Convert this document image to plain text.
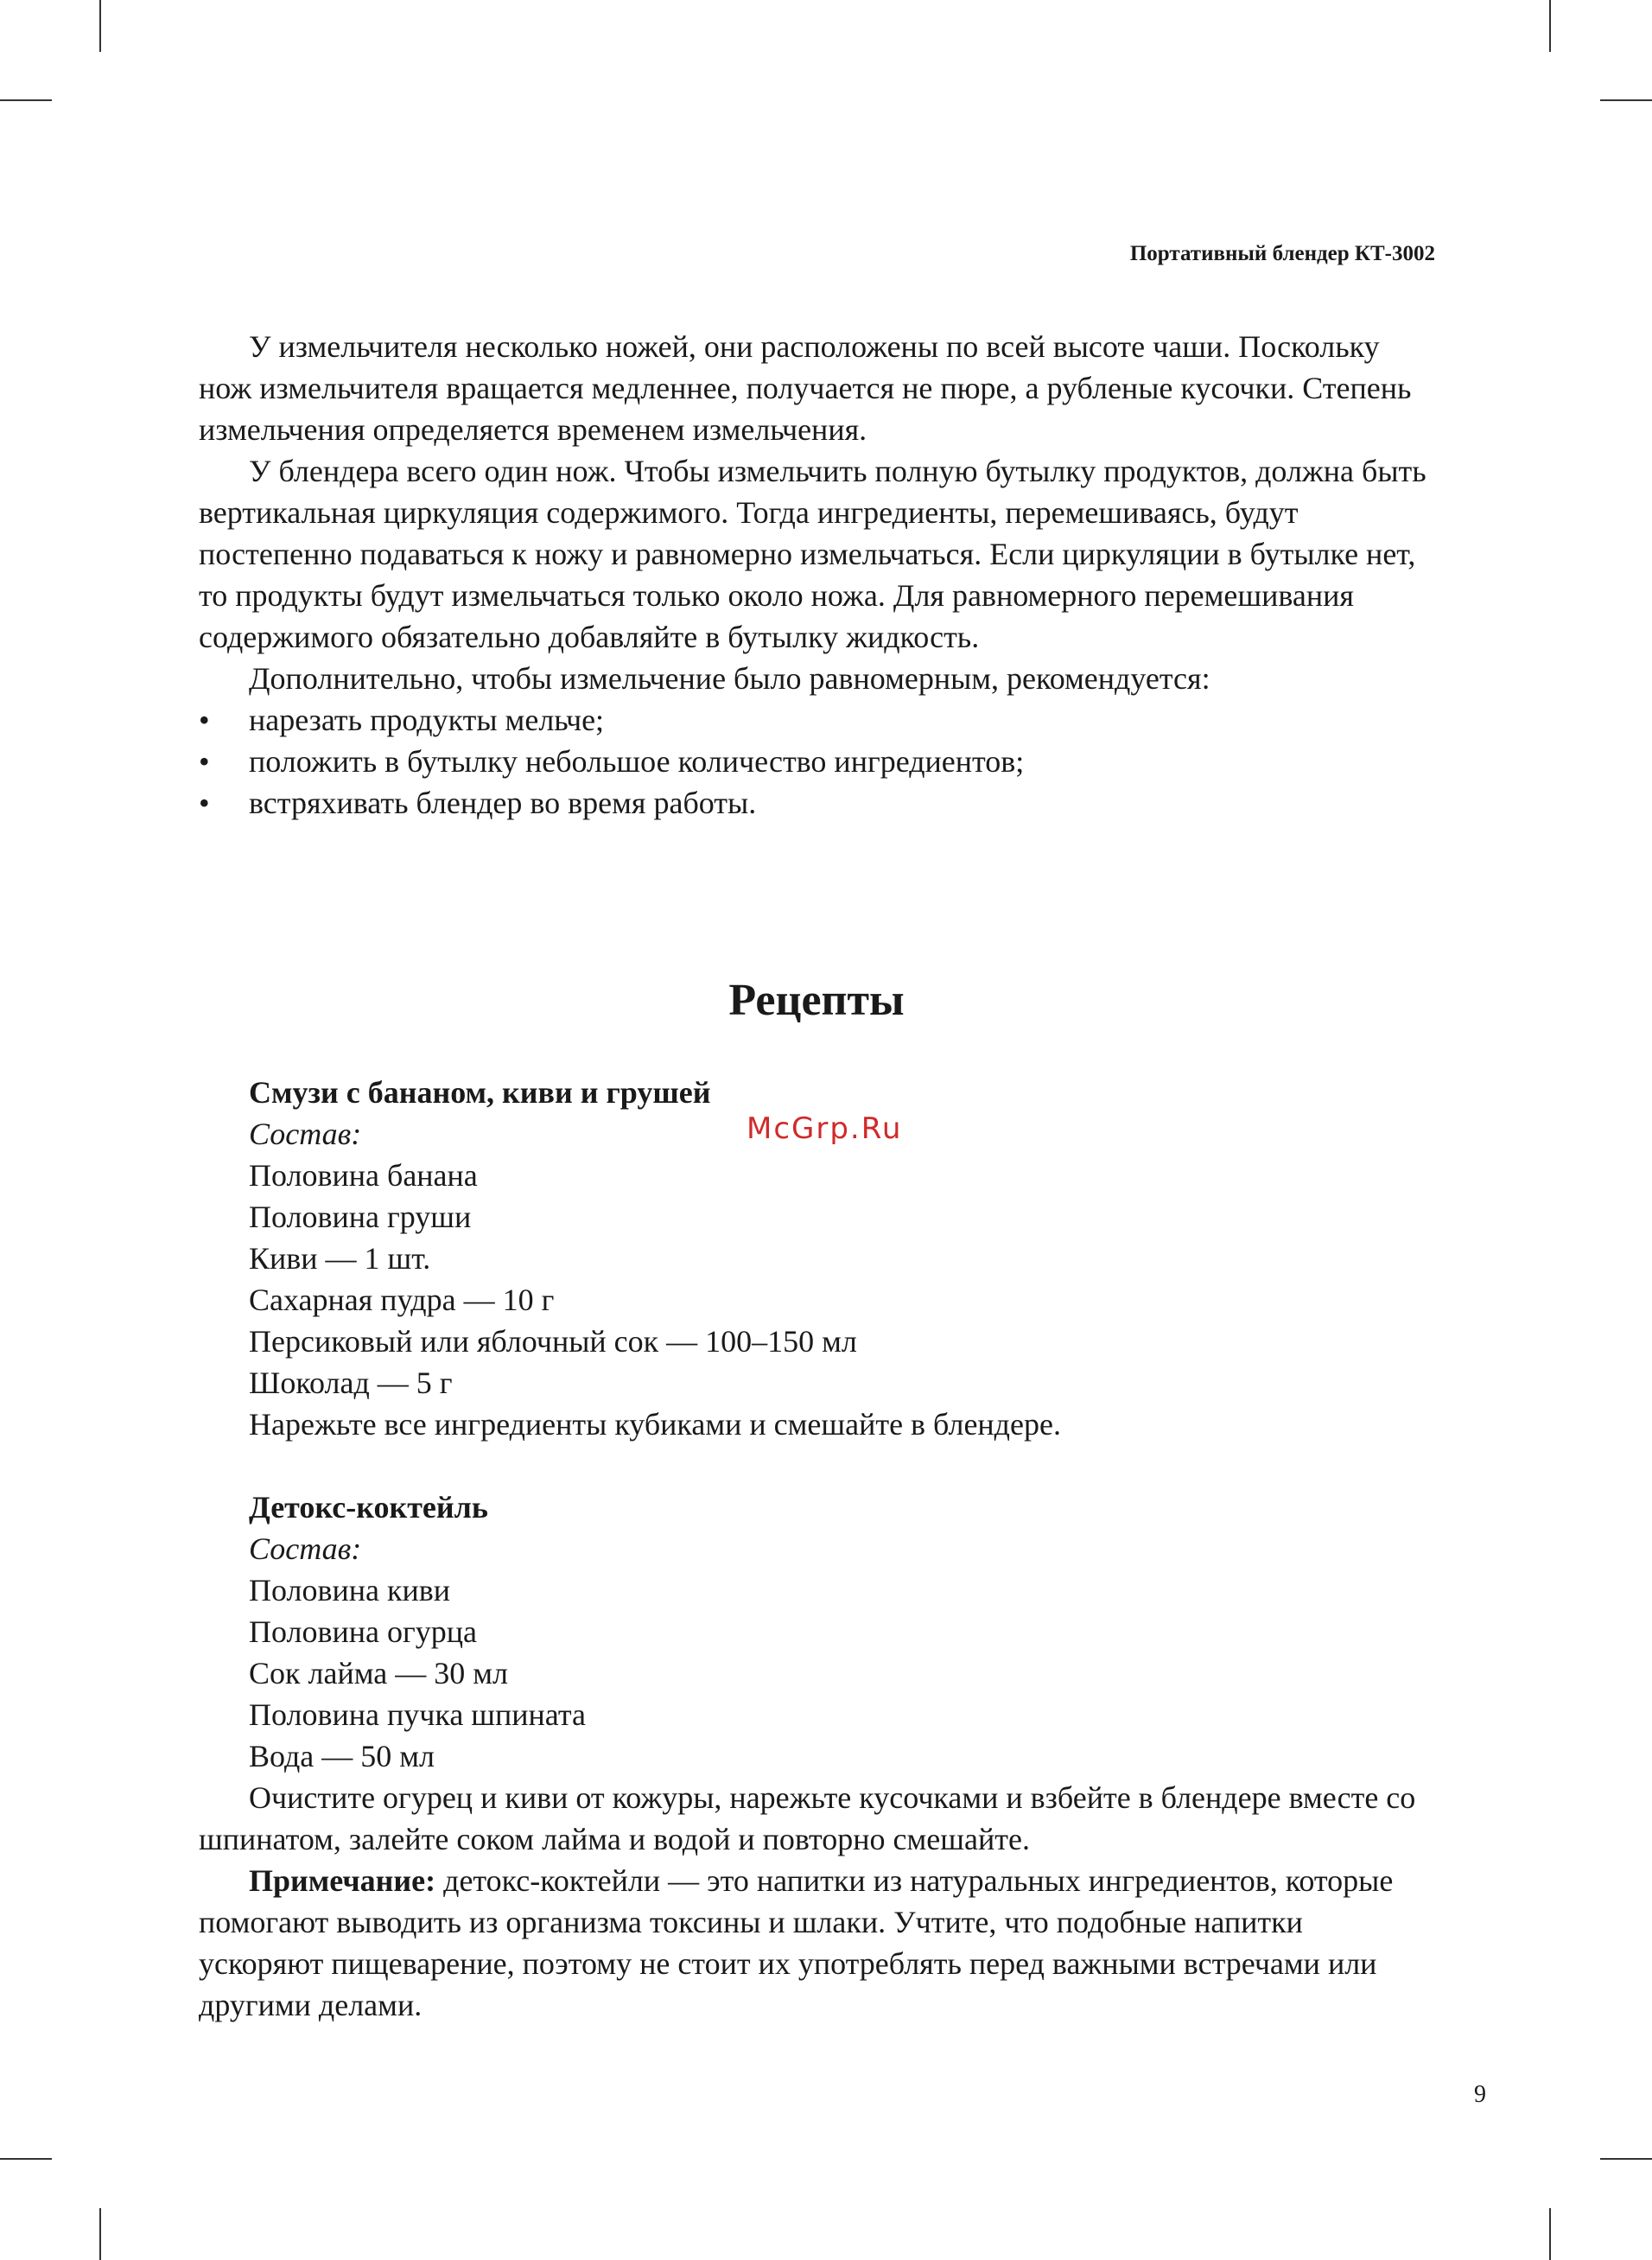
Портативный блендер КТ-3002

У измельчителя несколько ножей, они расположены по всей высоте чаши. Поскольку нож измельчителя вращается медленнее, получается не пюре, а рубленые кусочки. Степень измельчения определяется временем измельчения.

У блендера всего один нож. Чтобы измельчить полную бутылку продуктов, должна быть вертикальная циркуляция содержимого. Тогда ингредиенты, перемешиваясь, будут постепенно подаваться к ножу и равномерно измельчаться. Если циркуляции в бутылке нет, то продукты будут измельчаться только около ножа. Для равномерного перемешивания содержимого обязательно добавляйте в бутылку жидкость.

Дополнительно, чтобы измельчение было равномерным, рекомендуется:

• нарезать продукты мельче;
• положить в бутылку небольшое количество ингредиентов;
• встряхивать блендер во время работы.
Рецепты
Смузи с бананом, киви и грушей
Состав:
Половина банана
Половина груши
Киви — 1 шт.
Сахарная пудра — 10 г
Персиковый или яблочный сок — 100–150 мл
Шоколад — 5 г
Нарежьте все ингредиенты кубиками и смешайте в блендере.
McGrp.Ru
Детокс-коктейль
Состав:
Половина киви
Половина огурца
Сок лайма — 30 мл
Половина пучка шпината
Вода — 50 мл

Очистите огурец и киви от кожуры, нарежьте кусочками и взбейте в блендере вместе со шпинатом, залейте соком лайма и водой и повторно смешайте.

Примечание: детокс-коктейли — это напитки из натуральных ингредиентов, которые помогают выводить из организма токсины и шлаки. Учтите, что подобные напитки ускоряют пищеварение, поэтому не стоит их употреблять перед важными встречами или другими делами.

9
